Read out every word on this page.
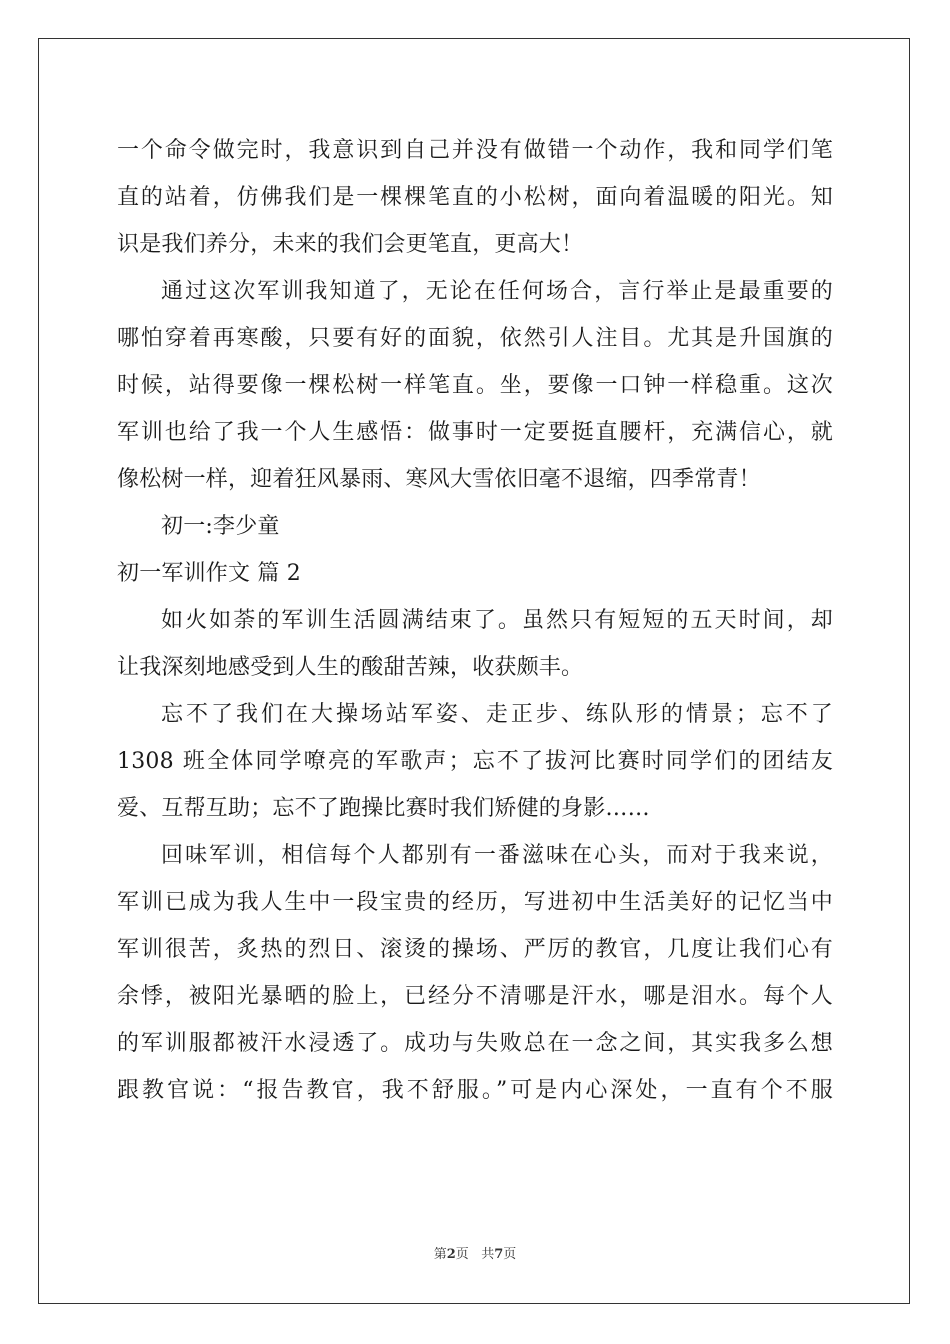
一个命令做完时，我意识到自己并没有做错一个动作，我和同学们笔
直的站着，仿佛我们是一棵棵笔直的小松树，面向着温暖的阳光。知
识是我们养分，未来的我们会更笔直，更高大！
通过这次军训我知道了，无论在任何场合，言行举止是最重要的
哪怕穿着再寒酸，只要有好的面貌，依然引人注目。尤其是升国旗的
时候，站得要像一棵松树一样笔直。坐，要像一口钟一样稳重。这次
军训也给了我一个人生感悟：做事时一定要挺直腰杆，充满信心，就
像松树一样，迎着狂风暴雨、寒风大雪依旧毫不退缩，四季常青！
初一:李少童
初一军训作文 篇 2
如火如荼的军训生活圆满结束了。虽然只有短短的五天时间，却
让我深刻地感受到人生的酸甜苦辣，收获颇丰。
忘不了我们在大操场站军姿、走正步、练队形的情景；忘不了
1308 班全体同学嘹亮的军歌声；忘不了拔河比赛时同学们的团结友
爱、互帮互助；忘不了跑操比赛时我们矫健的身影……
回味军训，相信每个人都别有一番滋味在心头，而对于我来说，
军训已成为我人生中一段宝贵的经历，写进初中生活美好的记忆当中
军训很苦，炙热的烈日、滚烫的操场、严厉的教官，几度让我们心有
余悸，被阳光暴晒的脸上，已经分不清哪是汗水，哪是泪水。每个人
的军训服都被汗水浸透了。成功与失败总在一念之间，其实我多么想
跟教官说：“报告教官，我不舒服。”可是内心深处，一直有个不服
第2页 共7页
